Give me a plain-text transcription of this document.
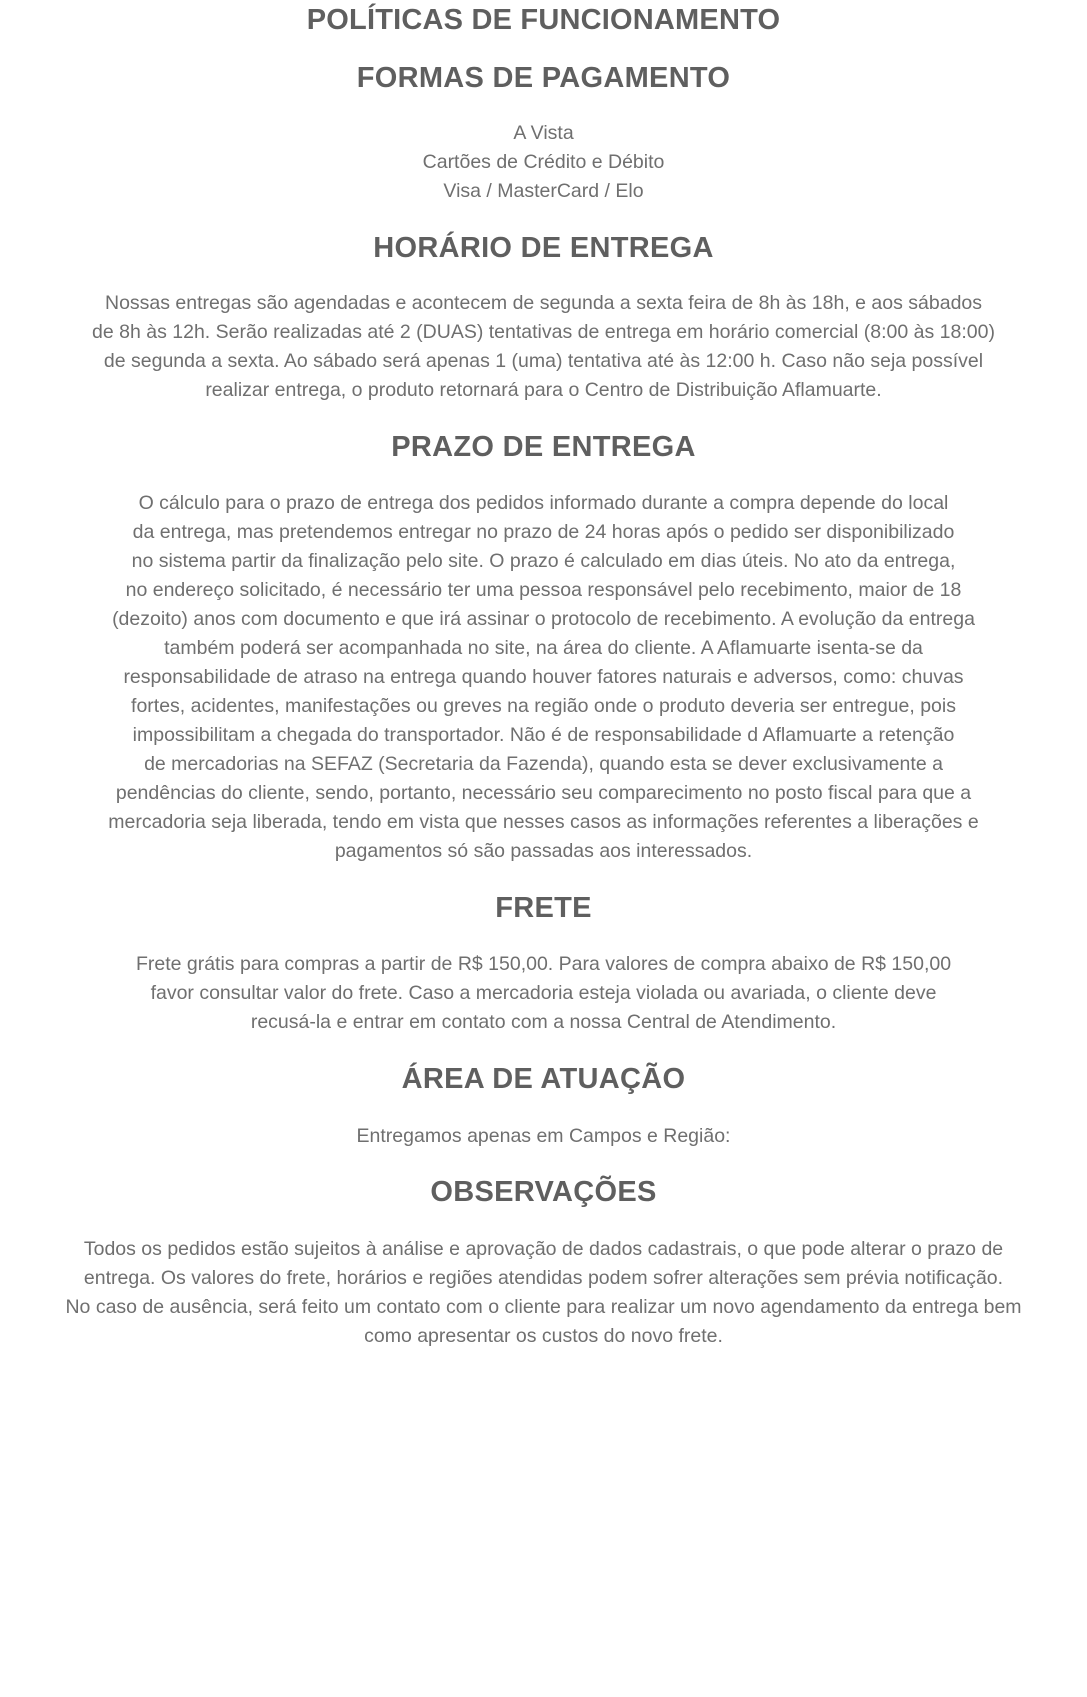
POLÍTICAS DE FUNCIONAMENTO
FORMAS DE PAGAMENTO

A Vista
Cartões de Crédito e Débito
Visa / MasterCard / Elo

HORÁRIO DE ENTREGA

Nossas entregas são agendadas e acontecem de segunda a sexta feira de 8h às 18h, e aos sábados
de 8h às 12h. Serão realizadas até 2 (DUAS) tentativas de entrega em horário comercial (8:00 às 18:00)
de segunda a sexta. Ao sábado será apenas 1 (uma) tentativa até às 12:00 h. Caso não seja possível
realizar entrega, o produto retornará para o Centro de Distribuição Aflamuarte.

PRAZO DE ENTREGA

O cálculo para o prazo de entrega dos pedidos informado durante a compra depende do local
da entrega, mas pretendemos entregar no prazo de 24 horas após o pedido ser disponibilizado
no sistema partir da finalização pelo site. O prazo é calculado em dias úteis. No ato da entrega,
no endereço solicitado, é necessário ter uma pessoa responsável pelo recebimento, maior de 18
(dezoito) anos com documento e que irá assinar o protocolo de recebimento. A evolução da entrega
também poderá ser acompanhada no site, na área do cliente. A Aflamuarte isenta-se da
responsabilidade de atraso na entrega quando houver fatores naturais e adversos, como: chuvas
fortes, acidentes, manifestações ou greves na região onde o produto deveria ser entregue, pois
impossibilitam a chegada do transportador. Não é de responsabilidade d Aflamuarte a retenção
de mercadorias na SEFAZ (Secretaria da Fazenda), quando esta se dever exclusivamente a
pendências do cliente, sendo, portanto, necessário seu comparecimento no posto fiscal para que a
mercadoria seja liberada, tendo em vista que nesses casos as informações referentes a liberações e
pagamentos só são passadas aos interessados.

FRETE

Frete grátis para compras a partir de R$ 150,00. Para valores de compra abaixo de R$ 150,00
favor consultar valor do frete. Caso a mercadoria esteja violada ou avariada, o cliente deve
recusá-la e entrar em contato com a nossa Central de Atendimento.

ÁREA DE ATUAÇÃO

Entregamos apenas em Campos e Região:

OBSERVAÇÕES

Todos os pedidos estão sujeitos à análise e aprovação de dados cadastrais, o que pode alterar o prazo de
entrega. Os valores do frete, horários e regiões atendidas podem sofrer alterações sem prévia notificação.
No caso de ausência, será feito um contato com o cliente para realizar um novo agendamento da entrega bem
como apresentar os custos do novo frete.
